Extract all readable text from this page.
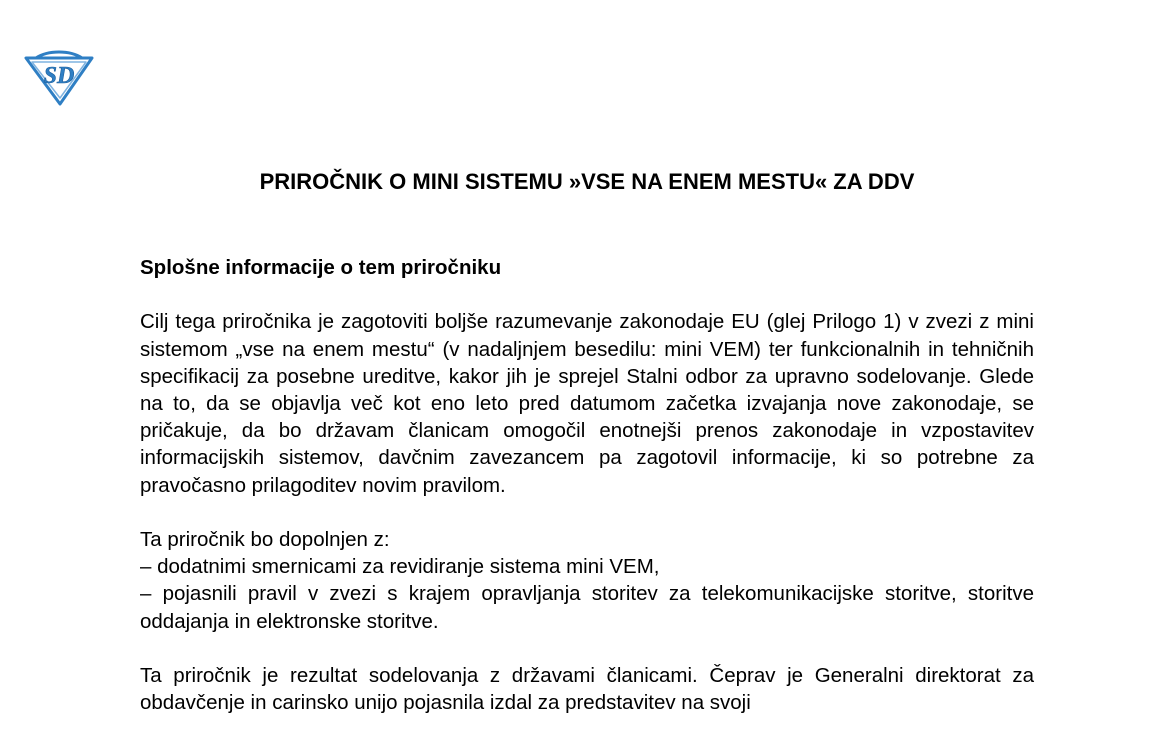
SD
PRIROČNIK O MINI SISTEMU »VSE NA ENEM MESTU« ZA DDV

Splošne informacije o tem priročniku

Cilj tega priročnika je zagotoviti boljše razumevanje zakonodaje EU (glej Prilogo 1) v zvezi z mini sistemom „vse na enem mestu“ (v nadaljnjem besedilu: mini VEM) ter funkcionalnih in tehničnih specifikacij za posebne ureditve, kakor jih je sprejel Stalni odbor za upravno sodelovanje. Glede na to, da se objavlja več kot eno leto pred datumom začetka izvajanja nove zakonodaje, se pričakuje, da bo državam članicam omogočil enotnejši prenos zakonodaje in vzpostavitev informacijskih sistemov, davčnim zavezancem pa zagotovil informacije, ki so potrebne za pravočasno prilagoditev novim pravilom.

Ta priročnik bo dopolnjen z:

– dodatnimi smernicami za revidiranje sistema mini VEM,

– pojasnili pravil v zvezi s krajem opravljanja storitev za telekomunikacijske storitve, storitve oddajanja in elektronske storitve.

Ta priročnik je rezultat sodelovanja z državami članicami. Čeprav je Generalni direktorat za obdavčenje in carinsko unijo pojasnila izdal za predstavitev na svoji
